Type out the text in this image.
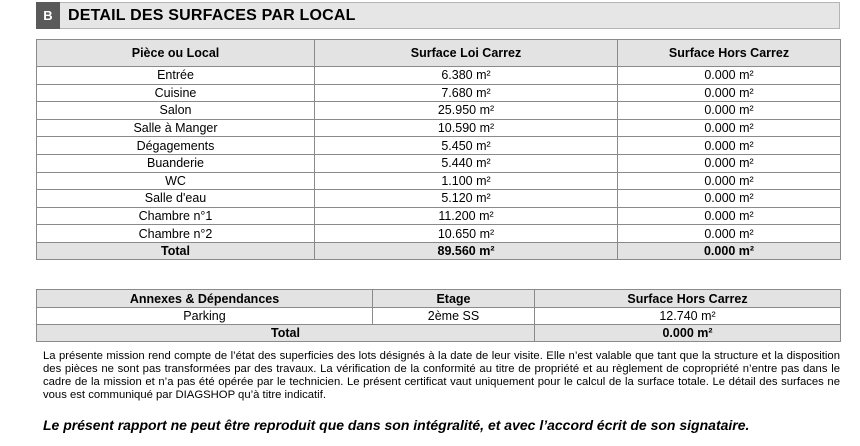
B DETAIL DES SURFACES PAR LOCAL
Pièce ou Local	Surface Loi Carrez	Surface Hors Carrez
Entrée	6.380 m²	0.000 m²
Cuisine	7.680 m²	0.000 m²
Salon	25.950 m²	0.000 m²
Salle à Manger	10.590 m²	0.000 m²
Dégagements	5.450 m²	0.000 m²
Buanderie	5.440 m²	0.000 m²
WC	1.100 m²	0.000 m²
Salle d'eau	5.120 m²	0.000 m²
Chambre n°1	11.200 m²	0.000 m²
Chambre n°2	10.650 m²	0.000 m²
Total	89.560 m²	0.000 m²
Annexes & Dépendances	Etage	Surface Hors Carrez
Parking	2ème SS	12.740 m²
Total		0.000 m²
La présente mission rend compte de l’état des superficies des lots désignés à la date de leur visite. Elle n’est valable que tant que la structure et la disposition des pièces ne sont pas transformées par des travaux. La vérification de la conformité au titre de propriété et au règlement de copropriété n’entre pas dans le cadre de la mission et n’a pas été opérée par le technicien. Le présent certificat vaut uniquement pour le calcul de la surface totale. Le détail des surfaces ne vous est communiqué par DIAGSHOP qu’à titre indicatif.
Le présent rapport ne peut être reproduit que dans son intégralité, et avec l’accord écrit de son signataire.
